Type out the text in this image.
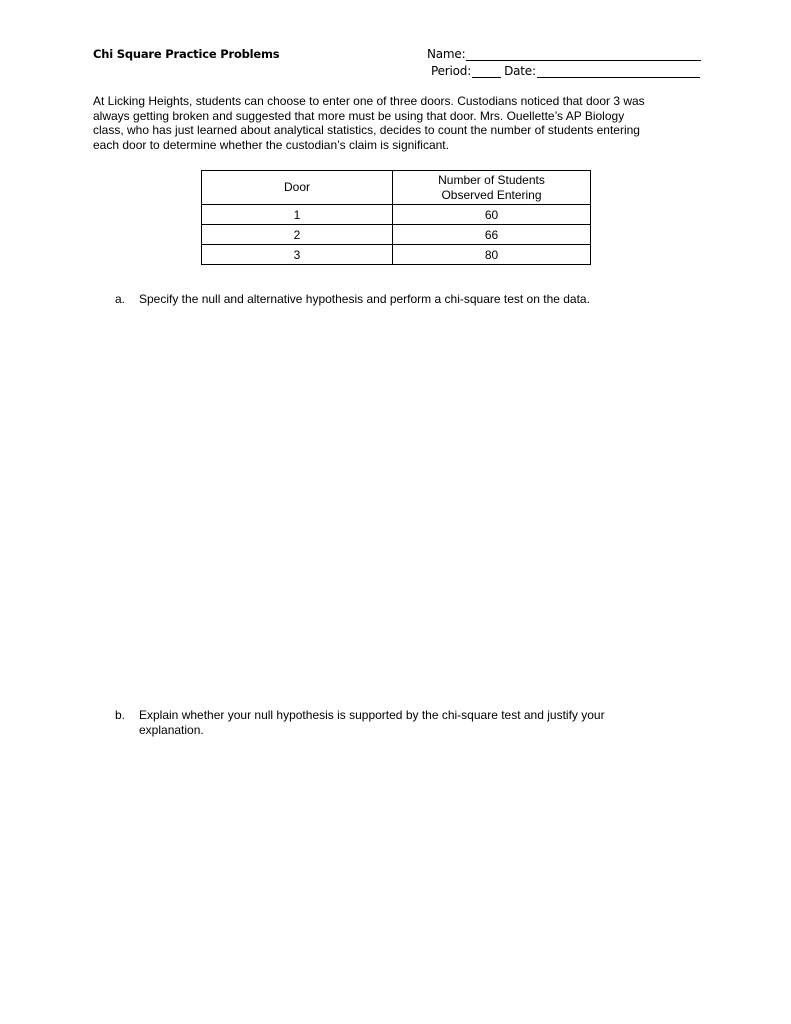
Chi Square Practice Problems	Name:
Period:	Date:

At Licking Heights, students can choose to enter one of three doors. Custodians noticed that door 3 was

always getting broken and suggested that more must be using that door. Mrs. Ouellette’s AP Biology

class, who has just learned about analytical statistics, decides to count the number of students entering

each door to determine whether the custodian’s claim is significant.

Door	Number of Students Observed Entering
1	60
2	66
3	80
a.	Specify the null and alternative hypothesis and perform a chi-square test on the data.
b.	Explain whether your null hypothesis is supported by the chi-square test and justify your explanation.
